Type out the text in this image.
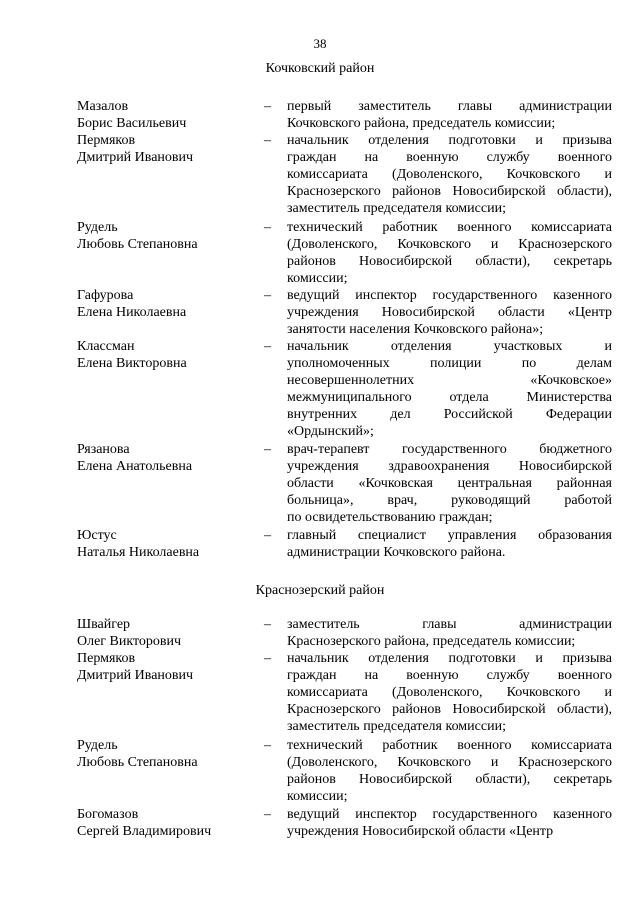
38
Кочковский район
Мазалов
Борис Васильевич
– первый заместитель главы администрации
Кочковского района, председатель комиссии;
Пермяков
Дмитрий Иванович
– начальник отделения подготовки и призыва
граждан на военную службу военного
комиссариата (Доволенского, Кочковского и
Краснозерского районов Новосибирской области),
заместитель председателя комиссии;
Рудель
Любовь Степановна
– технический работник военного комиссариата
(Доволенского, Кочковского и Краснозерского
районов Новосибирской области), секретарь
комиссии;
Гафурова
Елена Николаевна
– ведущий инспектор государственного казенного
учреждения Новосибирской области «Центр
занятости населения Кочковского района»;
Классман
Елена Викторовна
– начальник отделения участковых и
уполномоченных полиции по делам
несовершеннолетних «Кочковское»
межмуниципального отдела Министерства
внутренних дел Российской Федерации
«Ордынский»;
Рязанова
Елена Анатольевна
– врач-терапевт государственного бюджетного
учреждения здравоохранения Новосибирской
области «Кочковская центральная районная
больница», врач, руководящий работой
по освидетельствованию граждан;
Юстус
Наталья Николаевна
– главный специалист управления образования
администрации Кочковского района.
Краснозерский район
Швайгер
Олег Викторович
– заместитель главы администрации
Краснозерского района, председатель комиссии;
Пермяков
Дмитрий Иванович
– начальник отделения подготовки и призыва
граждан на военную службу военного
комиссариата (Доволенского, Кочковского и
Краснозерского районов Новосибирской области),
заместитель председателя комиссии;
Рудель
Любовь Степановна
– технический работник военного комиссариата
(Доволенского, Кочковского и Краснозерского
районов Новосибирской области), секретарь
комиссии;
Богомазов
Сергей Владимирович
– ведущий инспектор государственного казенного
учреждения Новосибирской области «Центр
